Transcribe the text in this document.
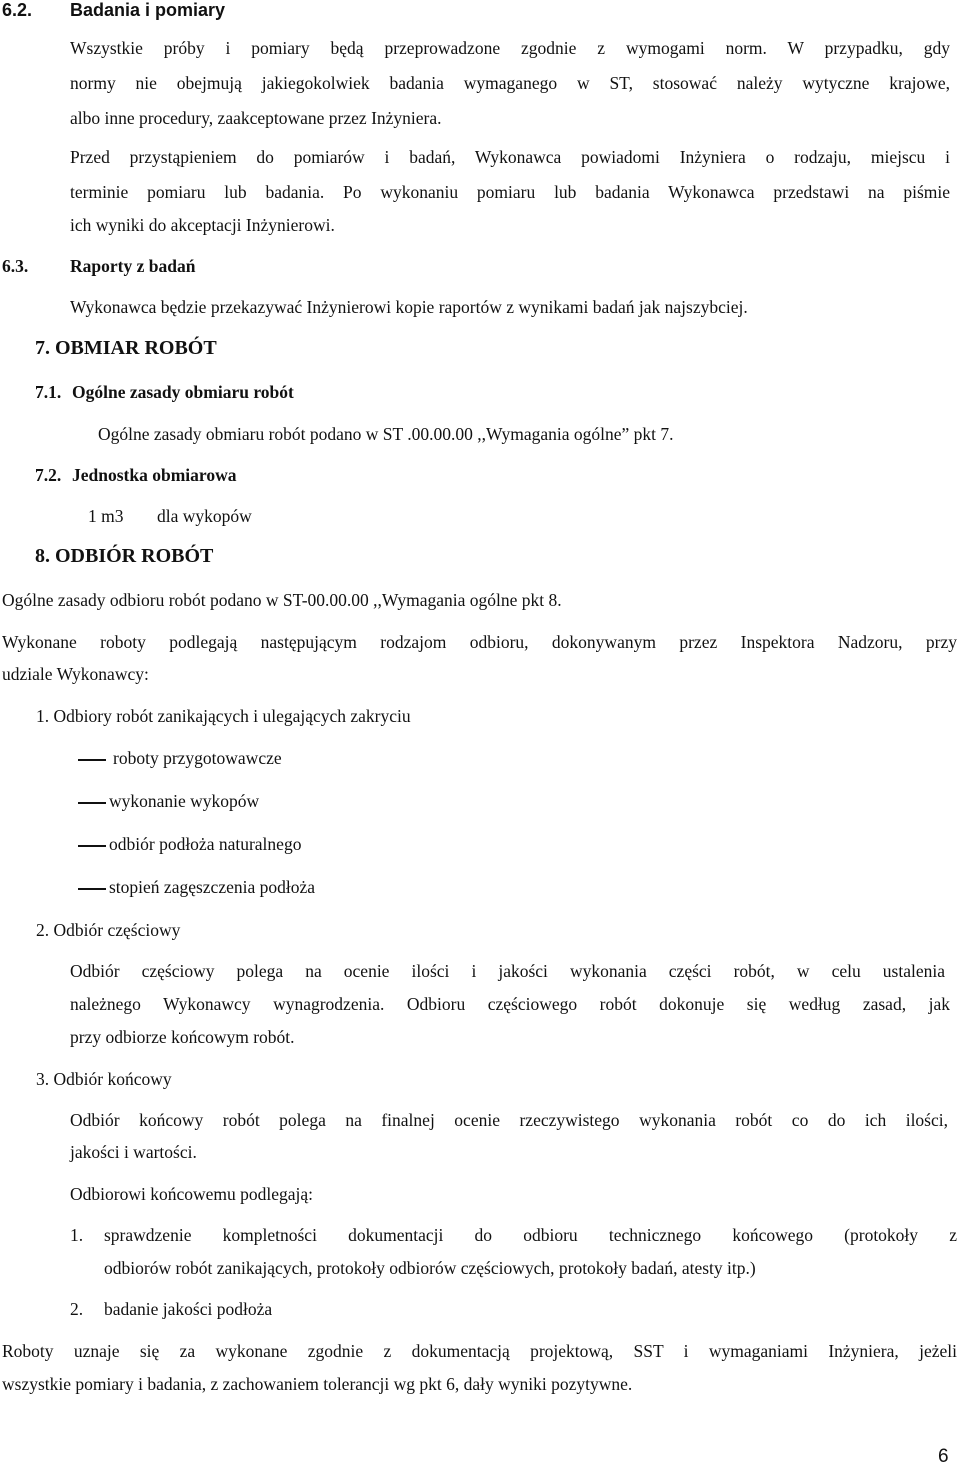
6.2. Badania i pomiary
Wszystkie próby i pomiary będą przeprowadzone zgodnie z wymogami norm. W przypadku, gdy
normy nie obejmują jakiegokolwiek badania wymaganego w ST, stosować należy wytyczne krajowe,
albo inne procedury, zaakceptowane przez Inżyniera.
Przed przystąpieniem do pomiarów i badań, Wykonawca powiadomi Inżyniera o rodzaju, miejscu i
terminie pomiaru lub badania. Po wykonaniu pomiaru lub badania Wykonawca przedstawi na piśmie
ich wyniki do akceptacji Inżynierowi.
6.3. Raporty z badań
Wykonawca będzie przekazywać Inżynierowi kopie raportów z wynikami badań jak najszybciej.
7. OBMIAR ROBÓT
7.1. Ogólne zasady obmiaru robót
Ogólne zasady obmiaru robót podano w ST .00.00.00 ,,Wymagania ogólne” pkt 7.
7.2. Jednostka obmiarowa
1 m3 dla wykopów
8. ODBIÓR ROBÓT
Ogólne zasady odbioru robót podano w ST-00.00.00 ,,Wymagania ogólne pkt 8.
Wykonane roboty podlegają następującym rodzajom odbioru, dokonywanym przez Inspektora Nadzoru, przy
udziale Wykonawcy:
1. Odbiory robót zanikających i ulegających zakryciu
robоty przygotowawcze
wykonanie wykopów
odbiór podłoża naturalnego
stopień zagęszczenia podłoża
2. Odbiór częściowy
Odbiór częściowy polega na ocenie ilości i jakości wykonania części robót, w celu ustalenia
należnego Wykonawcy wynagrodzenia. Odbioru częściowego robót dokonuje się według zasad, jak
przy odbiorze końcowym robót.
3. Odbiór końcowy
Odbiór końcowy robót polega na finalnej ocenie rzeczywistego wykonania robót co do ich ilości,
jakości i wartości.
Odbiorowi końcowemu podlegają:
1. sprawdzenie kompletności dokumentacji do odbioru technicznego końcowego (protokoły z
odbiorów robót zanikających, protokoły odbiorów częściowych, protokoły badań, atesty itp.)
2. badanie jakości podłoża
Roboty uznaje się za wykonane zgodnie z dokumentacją projektową, SST i wymaganiami Inżyniera, jeżeli
wszystkie pomiary i badania, z zachowaniem tolerancji wg pkt 6, dały wyniki pozytywne.
6
